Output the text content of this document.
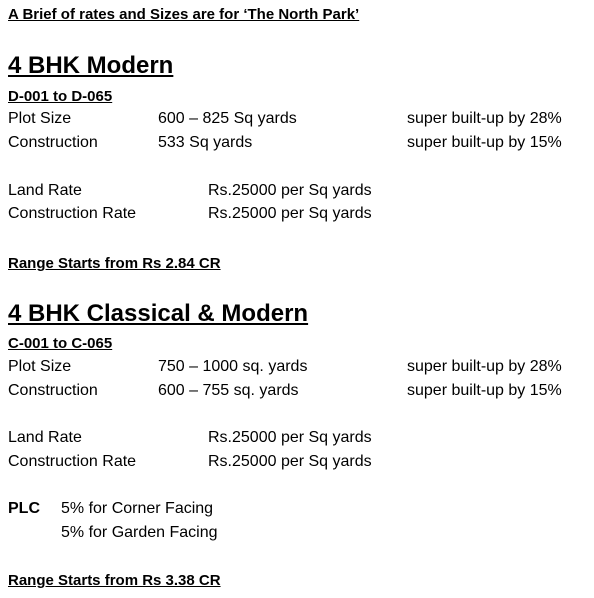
A Brief of rates and Sizes are for ‘The North Park’
4 BHK Modern
D-001 to D-065
Plot Size	600 – 825 Sq yards	super built-up by 28%
Construction	533 Sq yards	super built-up by 15%
Land Rate	Rs.25000 per Sq yards
Construction Rate	Rs.25000 per Sq yards
Range Starts from Rs 2.84 CR
4 BHK Classical & Modern
C-001 to C-065
Plot Size	750 – 1000 sq. yards	super built-up by 28%
Construction	600 – 755 sq. yards	super built-up by 15%
Land Rate	Rs.25000 per Sq yards
Construction Rate	Rs.25000 per Sq yards
PLC 5% for Corner Facing
5% for Garden Facing
Range Starts from Rs 3.38 CR
